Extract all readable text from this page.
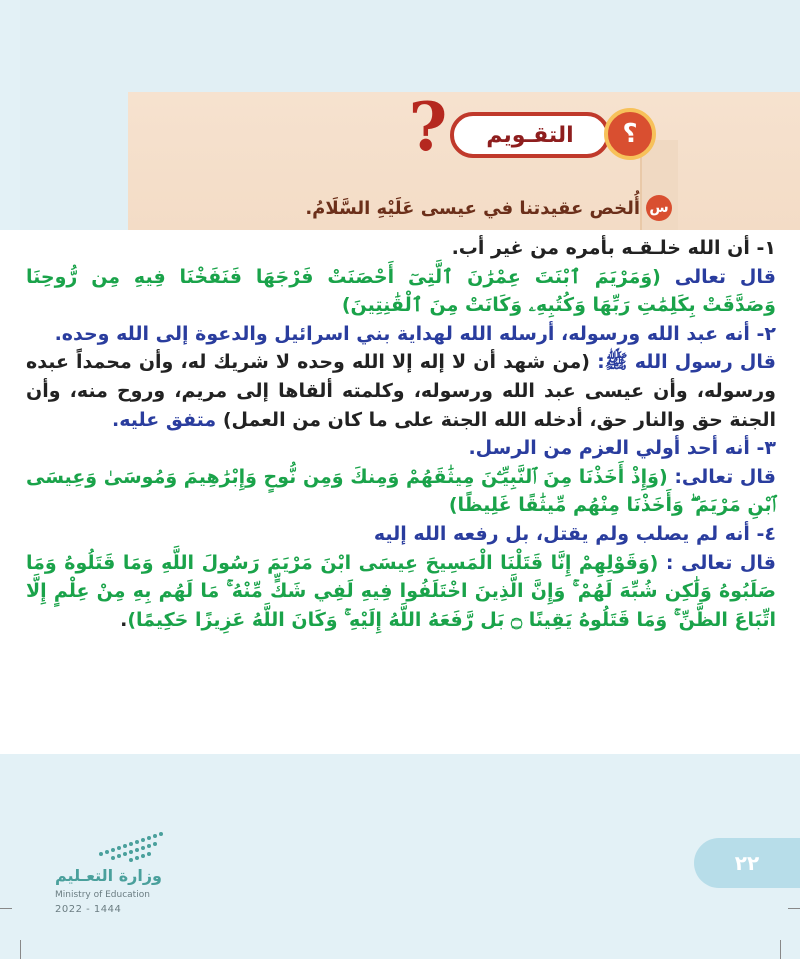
? التقـويم	؟
س
أُلخص عقيدتنا في عيسى عَلَيْهِ السَّلَامُ.

١- أن الله خلـقـه بأمره من غير أب.

قال تعالى (وَمَرْيَمَ ٱبْنَتَ عِمْرَٰنَ ٱلَّتِىٓ أَحْصَنَتْ فَرْجَهَا فَنَفَخْنَا فِيهِ مِن رُّوحِنَا وَصَدَّقَتْ بِكَلِمَٰتِ رَبِّهَا وَكُتُبِهِۦ وَكَانَتْ مِنَ ٱلْقَٰنِتِينَ)

٢- أنه عبد الله ورسوله، أرسله الله لهداية بني اسرائيل والدعوة إلى الله وحده.

قال رسول الله ﷺ: (من شهد أن لا إله إلا الله وحده لا شريك له، وأن محمداً عبده ورسوله، وأن عيسى عبد الله ورسوله، وكلمته ألقاها إلى مريم، وروح منه، وأن الجنة حق والنار حق، أدخله الله الجنة على ما كان من العمل) متفق عليه.

٣- أنه أحد أولي العزم من الرسل.

قال تعالى: (وَإِذْ أَخَذْنَا مِنَ ٱلنَّبِيِّـۧنَ مِيثَٰقَهُمْ وَمِنكَ وَمِن نُّوحٍ وَإِبْرَٰهِيمَ وَمُوسَىٰ وَعِيسَى ٱبْنِ مَرْيَمَ ۖ وَأَخَذْنَا مِنْهُم مِّيثَٰقًا غَلِيظًا)

٤- أنه لم يصلب ولم يقتل، بل رفعه الله إليه

قال تعالى : (وَقَوْلِهِمْ إِنَّا قَتَلْنَا الْمَسِيحَ عِيسَى ابْنَ مَرْيَمَ رَسُولَ اللَّهِ وَمَا قَتَلُوهُ وَمَا صَلَبُوهُ وَلَٰكِن شُبِّهَ لَهُمْ ۚ وَإِنَّ الَّذِينَ اخْتَلَفُوا فِيهِ لَفِي شَكٍّ مِّنْهُ ۚ مَا لَهُم بِهِ مِنْ عِلْمٍ إِلَّا اتِّبَاعَ الظَّنِّ ۚ وَمَا قَتَلُوهُ يَقِينًا ۝ بَل رَّفَعَهُ اللَّهُ إِلَيْهِ ۚ وَكَانَ اللَّهُ عَزِيزًا حَكِيمًا).

٢٢
وزارة التعـليم
Ministry of Education
2022 - 1444
